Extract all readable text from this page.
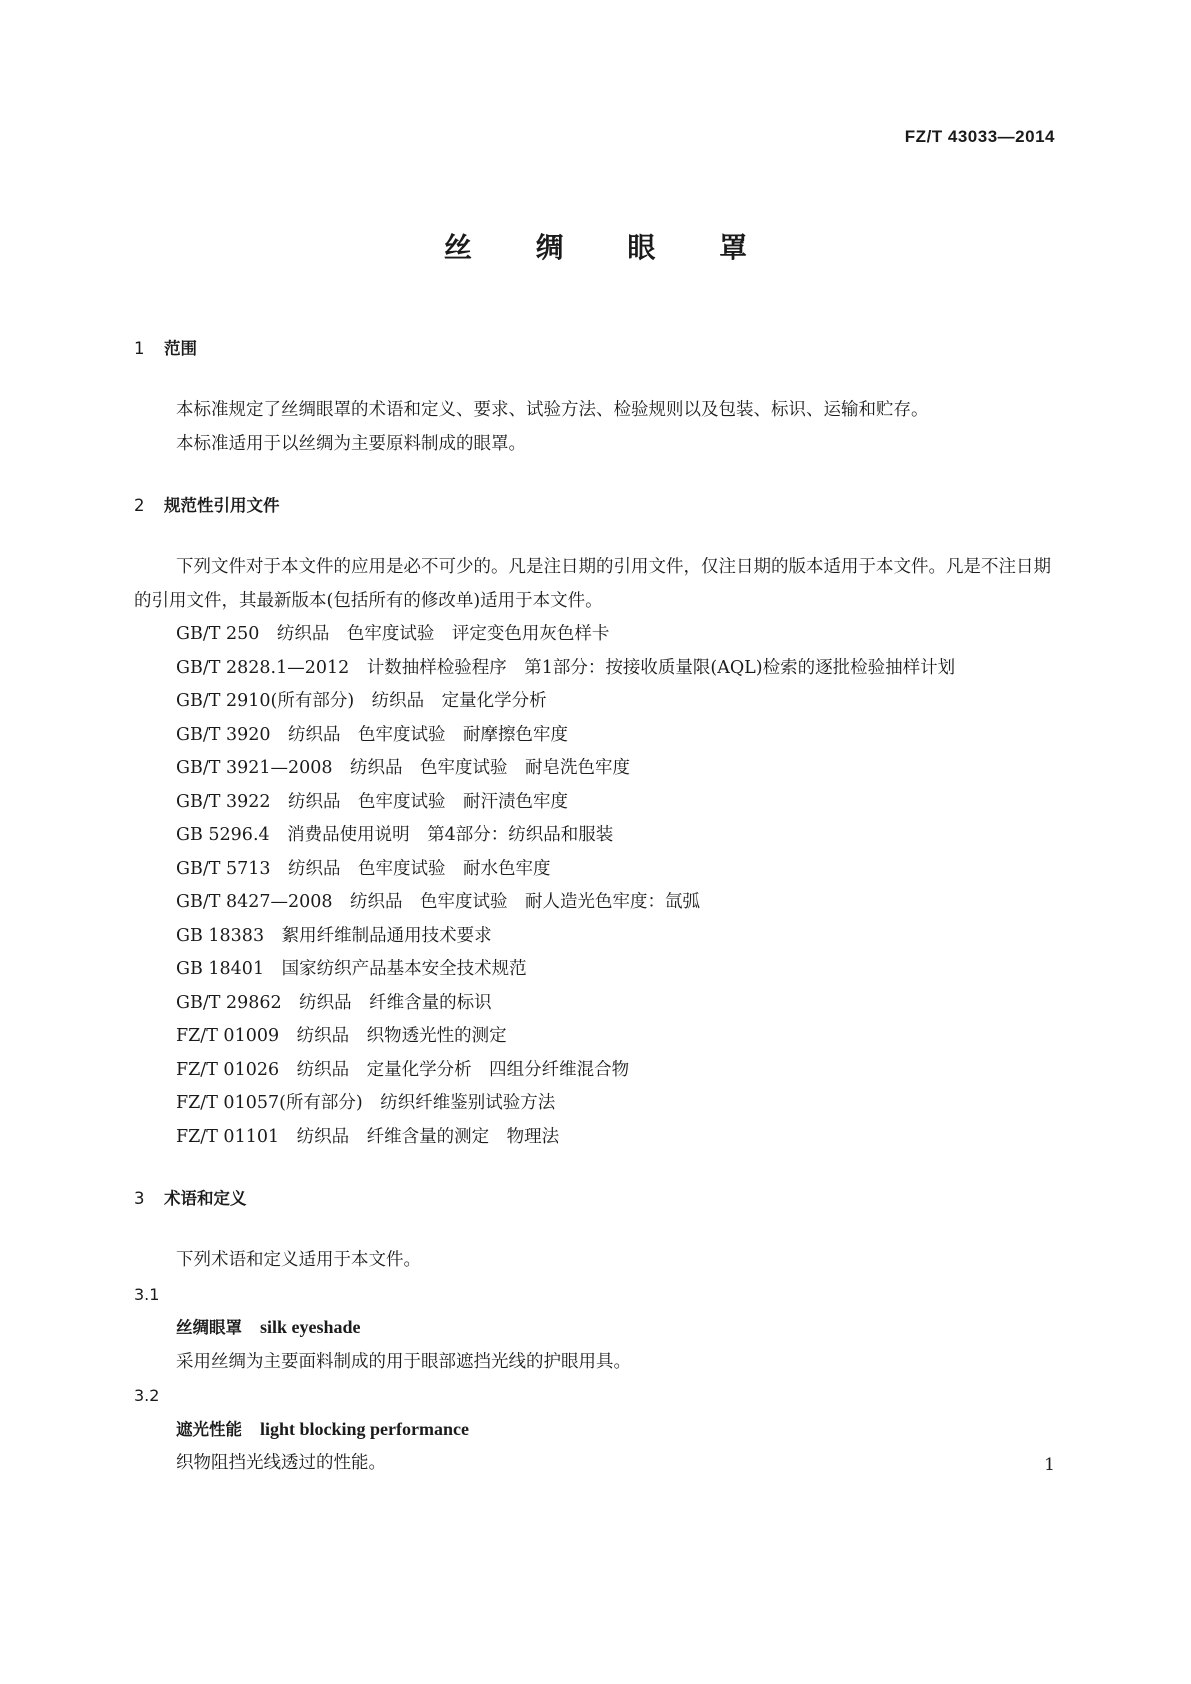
FZ/T 43033—2014
丝 绸 眼 罩
1 范围

本标准规定了丝绸眼罩的术语和定义、要求、试验方法、检验规则以及包装、标识、运输和贮存。

本标准适用于以丝绸为主要原料制成的眼罩。

2 规范性引用文件

下列文件对于本文件的应用是必不可少的。凡是注日期的引用文件，仅注日期的版本适用于本文件。凡是不注日期的引用文件，其最新版本(包括所有的修改单)适用于本文件。

GB/T 250　纺织品　色牢度试验　评定变色用灰色样卡

GB/T 2828.1—2012　计数抽样检验程序　第1部分：按接收质量限(AQL)检索的逐批检验抽样计划

GB/T 2910(所有部分)　纺织品　定量化学分析

GB/T 3920　纺织品　色牢度试验　耐摩擦色牢度

GB/T 3921—2008　纺织品　色牢度试验　耐皂洗色牢度

GB/T 3922　纺织品　色牢度试验　耐汗渍色牢度

GB 5296.4　消费品使用说明　第4部分：纺织品和服装

GB/T 5713　纺织品　色牢度试验　耐水色牢度

GB/T 8427—2008　纺织品　色牢度试验　耐人造光色牢度：氙弧

GB 18383　絮用纤维制品通用技术要求

GB 18401　国家纺织产品基本安全技术规范

GB/T 29862　纺织品　纤维含量的标识

FZ/T 01009　纺织品　织物透光性的测定

FZ/T 01026　纺织品　定量化学分析　四组分纤维混合物

FZ/T 01057(所有部分)　纺织纤维鉴别试验方法

FZ/T 01101　纺织品　纤维含量的测定　物理法

3 术语和定义

下列术语和定义适用于本文件。

3.1

丝绸眼罩 silk eyeshade

采用丝绸为主要面料制成的用于眼部遮挡光线的护眼用具。

3.2

遮光性能 light blocking performance

织物阻挡光线透过的性能。	1
